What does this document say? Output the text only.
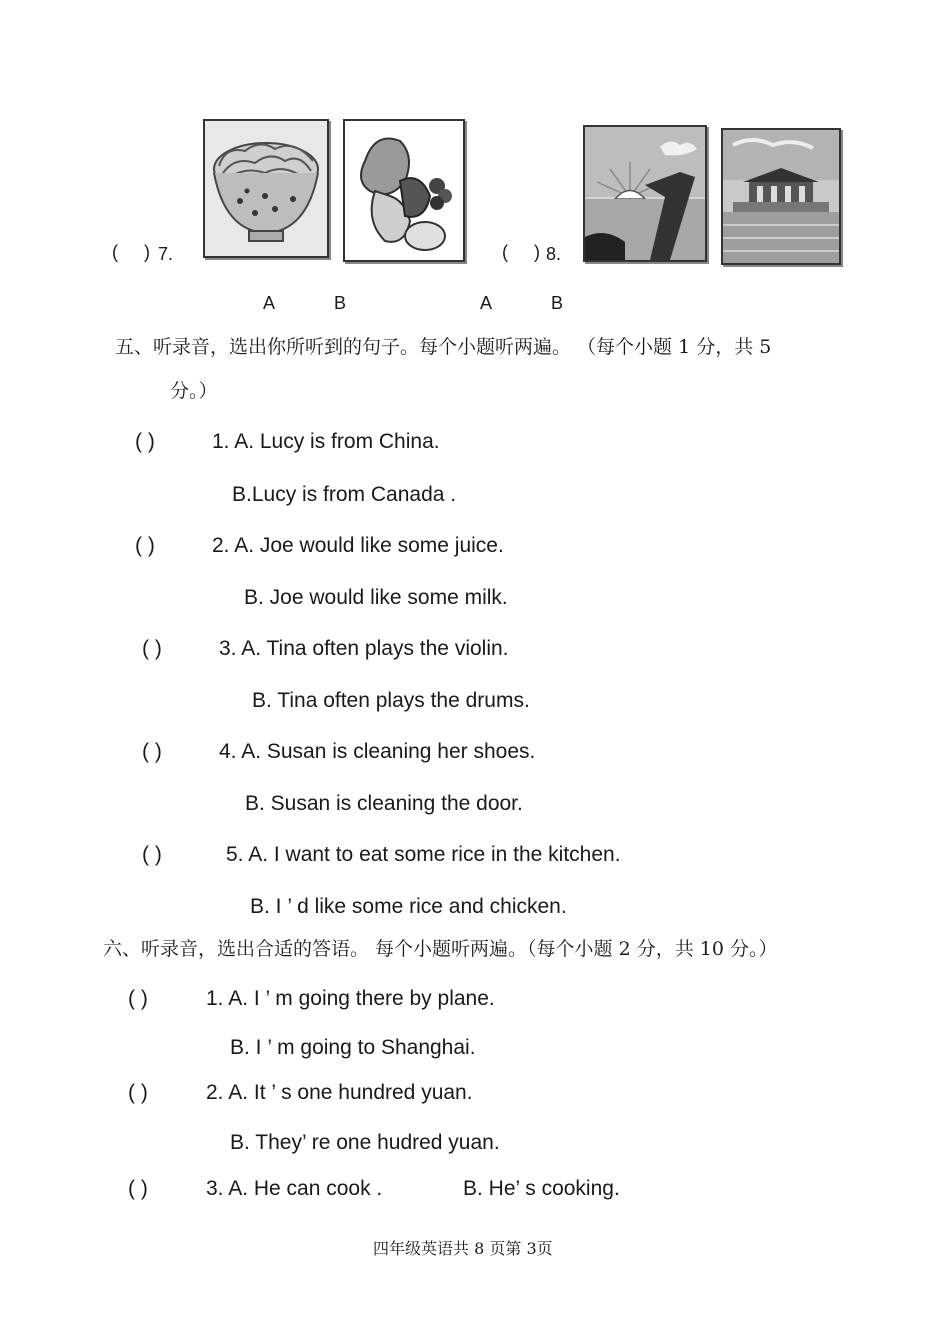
( ) 7.	( ) 8.
A	B	A	B
五、听录音，选出你所听到的句子。每个小题听两遍。 （每个小题 1 分，共 5
分。）
( )	1. A. Lucy is from China.
B.Lucy is from Canada .
( )	2. A. Joe would like some juice.
B. Joe would like some milk.
( )	3. A. Tina often plays the violin.
B. Tina often plays the drums.
( )	4. A. Susan is cleaning her shoes.
B. Susan is cleaning the door.
( )	5. A. I want to eat some rice in the kitchen.
B. I ’ d like some rice and chicken.
六、听录音，选出合适的答语。 每个小题听两遍。（每个小题 2 分，共 10 分。）
( )	1. A. I ’ m going there by plane.
B. I ’ m going to Shanghai.
( )	2. A. It ’ s one hundred yuan.
B. They’ re one hudred yuan.
( )	3. A. He can cook .	B. He’ s cooking.
四年级英语共 8 页第 3页
